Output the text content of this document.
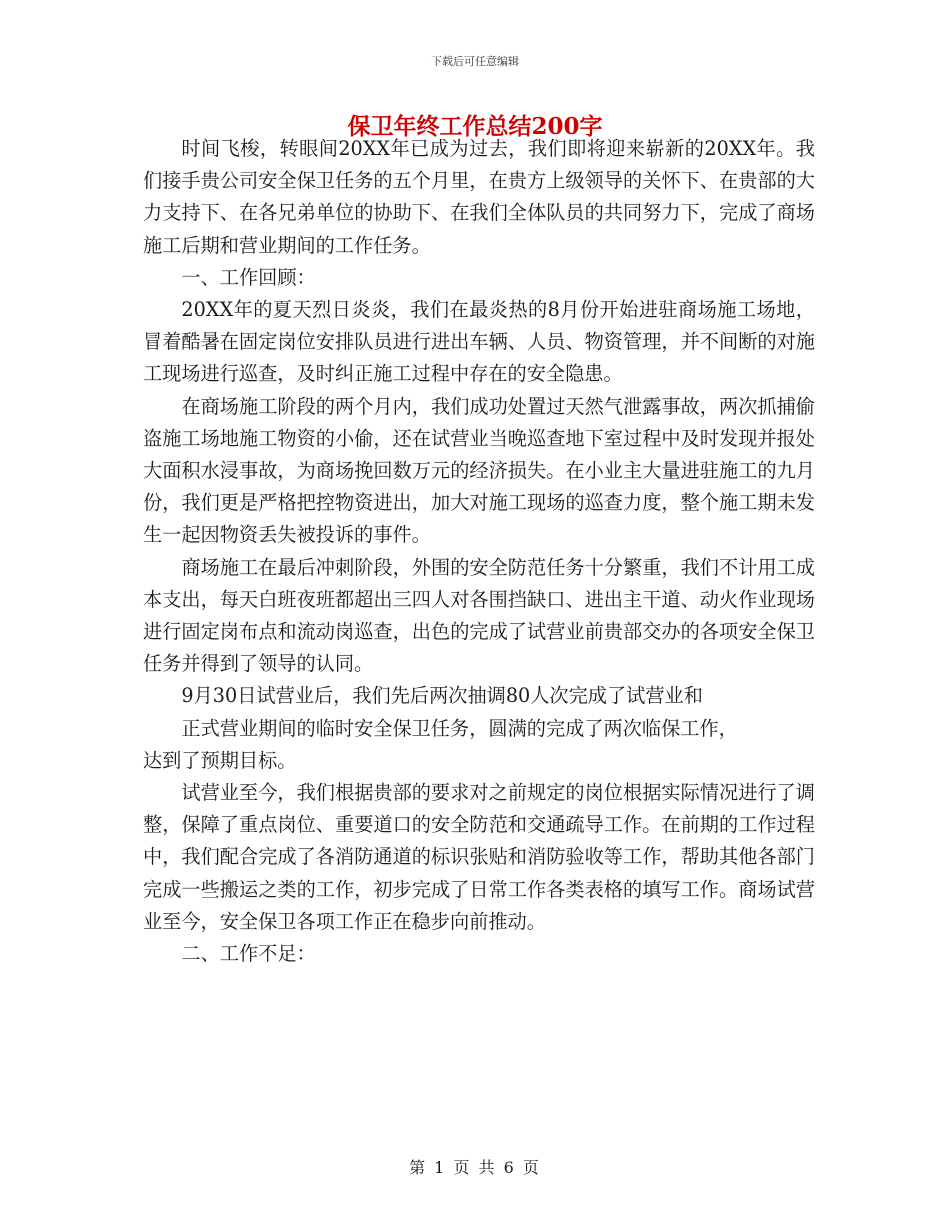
下载后可任意编辑
保卫年终工作总结200字

时间飞梭，转眼间20XX年已成为过去，我们即将迎来崭新的20XX年。我们接手贵公司安全保卫任务的五个月里，在贵方上级领导的关怀下、在贵部的大力支持下、在各兄弟单位的协助下、在我们全体队员的共同努力下，完成了商场施工后期和营业期间的工作任务。

一、工作回顾：

20XX年的夏天烈日炎炎，我们在最炎热的8月份开始进驻商场施工场地，冒着酷暑在固定岗位安排队员进行进出车辆、人员、物资管理，并不间断的对施工现场进行巡查，及时纠正施工过程中存在的安全隐患。

在商场施工阶段的两个月内，我们成功处置过天然气泄露事故，两次抓捕偷盗施工场地施工物资的小偷，还在试营业当晚巡查地下室过程中及时发现并报处大面积水浸事故，为商场挽回数万元的经济损失。在小业主大量进驻施工的九月份，我们更是严格把控物资进出，加大对施工现场的巡查力度，整个施工期未发生一起因物资丢失被投诉的事件。

商场施工在最后冲刺阶段，外围的安全防范任务十分繁重，我们不计用工成本支出，每天白班夜班都超出三四人对各围挡缺口、进出主干道、动火作业现场进行固定岗布点和流动岗巡查，出色的完成了试营业前贵部交办的各项安全保卫任务并得到了领导的认同。

9月30日试营业后，我们先后两次抽调80人次完成了试营业和

正式营业期间的临时安全保卫任务，圆满的完成了两次临保工作，

达到了预期目标。

试营业至今，我们根据贵部的要求对之前规定的岗位根据实际情况进行了调整，保障了重点岗位、重要道口的安全防范和交通疏导工作。在前期的工作过程中，我们配合完成了各消防通道的标识张贴和消防验收等工作，帮助其他各部门完成一些搬运之类的工作，初步完成了日常工作各类表格的填写工作。商场试营业至今，安全保卫各项工作正在稳步向前推动。

二、工作不足：

第 1 页 共 6 页
